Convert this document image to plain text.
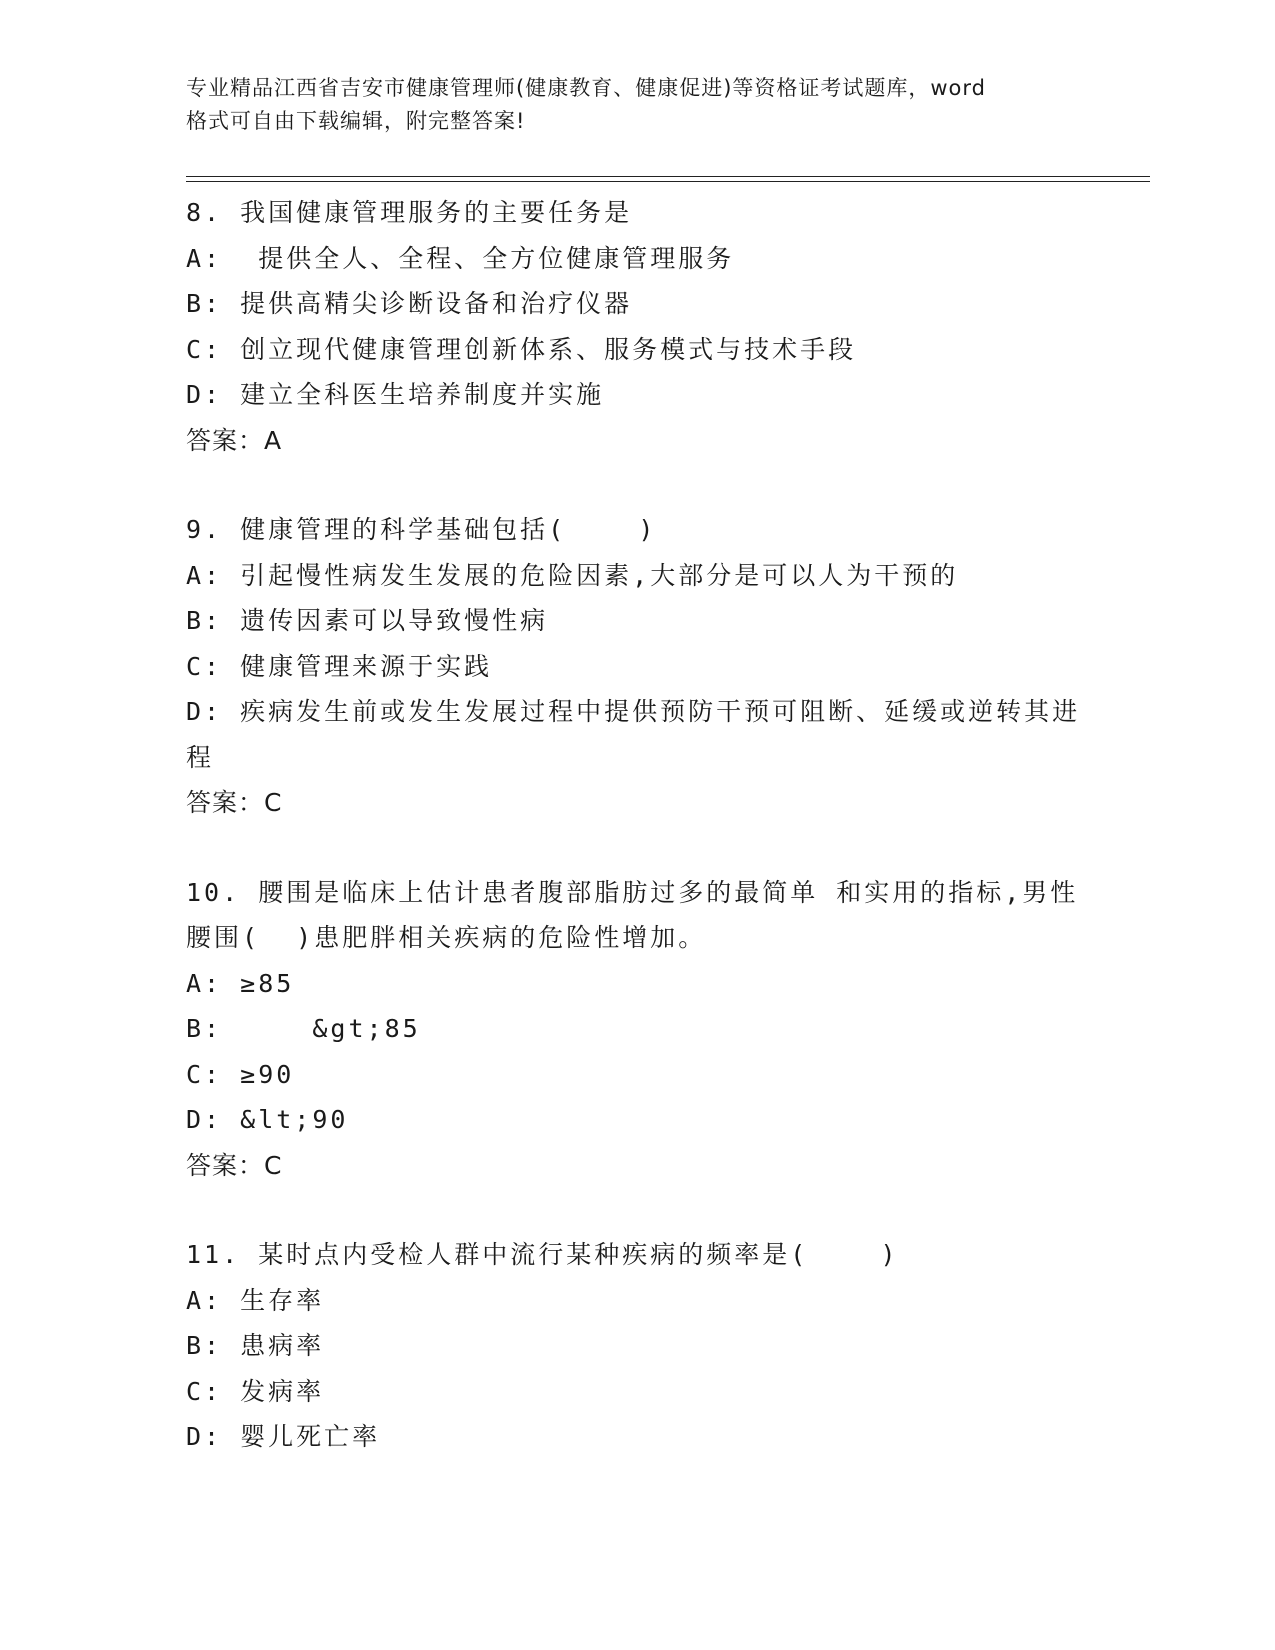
专业精品江西省吉安市健康管理师(健康教育、健康促进)等资格证考试题库，word
格式可自由下载编辑，附完整答案!
8. 我国健康管理服务的主要任务是
A:  提供全人、全程、全方位健康管理服务
B: 提供高精尖诊断设备和治疗仪器
C: 创立现代健康管理创新体系、服务模式与技术手段
D: 建立全科医生培养制度并实施
答案：A
9. 健康管理的科学基础包括(    )
A: 引起慢性病发生发展的危险因素,大部分是可以人为干预的
B: 遗传因素可以导致慢性病
C: 健康管理来源于实践
D: 疾病发生前或发生发展过程中提供预防干预可阻断、延缓或逆转其进程
答案：C
10. 腰围是临床上估计患者腹部脂肪过多的最简单 和实用的指标,男性腰围(  )患肥胖相关疾病的危险性增加。
A: ≥85
B:     &gt;85
C: ≥90
D: &lt;90
答案：C
11. 某时点内受检人群中流行某种疾病的频率是(    )
A: 生存率
B: 患病率
C: 发病率
D: 婴儿死亡率
